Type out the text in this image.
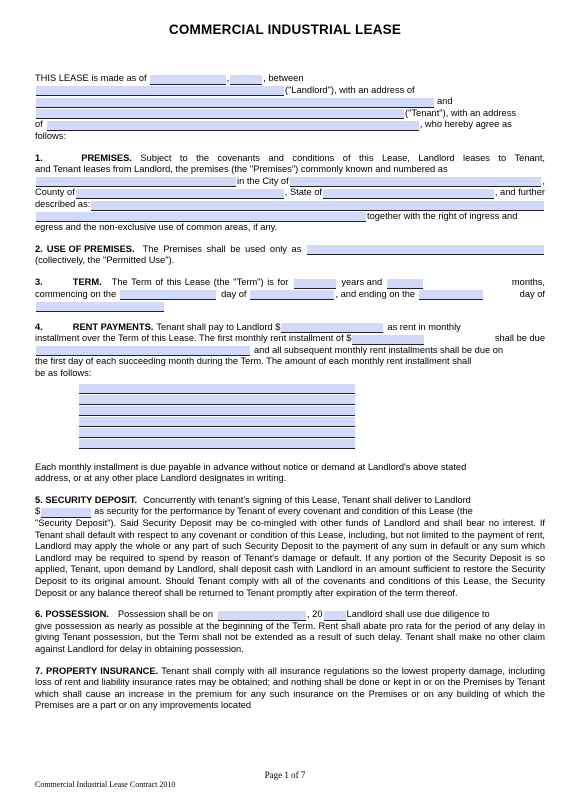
COMMERCIAL INDUSTRIAL LEASE
THIS LEASE is made as of	,	, between
("Landlord"), with an address of
and
("Tenant"), with an address
of	, who hereby agree as
follows:
1.	PREMISES. Subject to the covenants and conditions of this Lease, Landlord leases to Tenant,
and Tenant leases from Landlord, the premises (the "Premises") commonly known and numbered as
in the City of	,
County of	, State of	, and further
described as:
together with the right of ingress and
egress and the non-exclusive use of common areas, if any.
2. USE OF PREMISES. The Premises shall be used only as
(collectively, the "Permitted Use").
3.	TERM. The Term of this Lease (the "Term") is for	years and	months,
commencing on the	day of	, and ending on the	day of
4.	RENT PAYMENTS. Tenant shall pay to Landlord $	as rent in monthly
installment over the Term of this Lease. The first monthly rent installment of $	shall be due
and all subsequent monthly rent installments shall be due on
the first day of each succeeding month during the Term. The amount of each monthly rent installment shall
be as follows:
Each monthly installment is due payable in advance without notice or demand at Landlord's above stated
address, or at any other place Landlord designates in writing.
5. SECURITY DEPOSIT. Concurrently with tenant's signing of this Lease, Tenant shall deliver to Landlord
$	as security for the performance by Tenant of every covenant and condition of this Lease (the
"Security Deposit"). Said Security Deposit may be co-mingled with other funds of Landlord and shall bear no interest. If Tenant shall default with respect to any covenant or condition of this Lease, including, but not limited to the payment of rent, Landlord may apply the whole or any part of such Security Deposit to the payment of any sum in default or any sum which Landlord may be required to spend by reason of Tenant's damage or default. If any portion of the Security Deposit is so applied, Tenant, upon demand by Landlord, shall deposit cash with Landlord in an amount sufficient to restore the Security Deposit to its original amount. Should Tenant comply with all of the covenants and conditions of this Lease, the Security Deposit or any balance thereof shall be returned to Tenant promptly after expiration of the term thereof.
6. POSSESSION. Possession shall be on	, 20	Landlord shall use due diligence to
give possession as nearly as possible at the beginning of the Term. Rent shall abate pro rata for the period of any delay in giving Tenant possession, but the Term shall not be extended as a result of such delay. Tenant shall make no other claim against Landlord for delay in obtaining possession.
7. PROPERTY INSURANCE. Tenant shall comply with all insurance regulations so the lowest property damage, including loss of rent and liability insurance rates may be obtained; and nothing shall be done or kept in or on the Premises by Tenant which shall cause an increase in the premium for any such insurance on the Premises or on any building of which the Premises are a part or on any improvements located
Page 1 of 7
Commercial Industrial Lease Contract 2010
